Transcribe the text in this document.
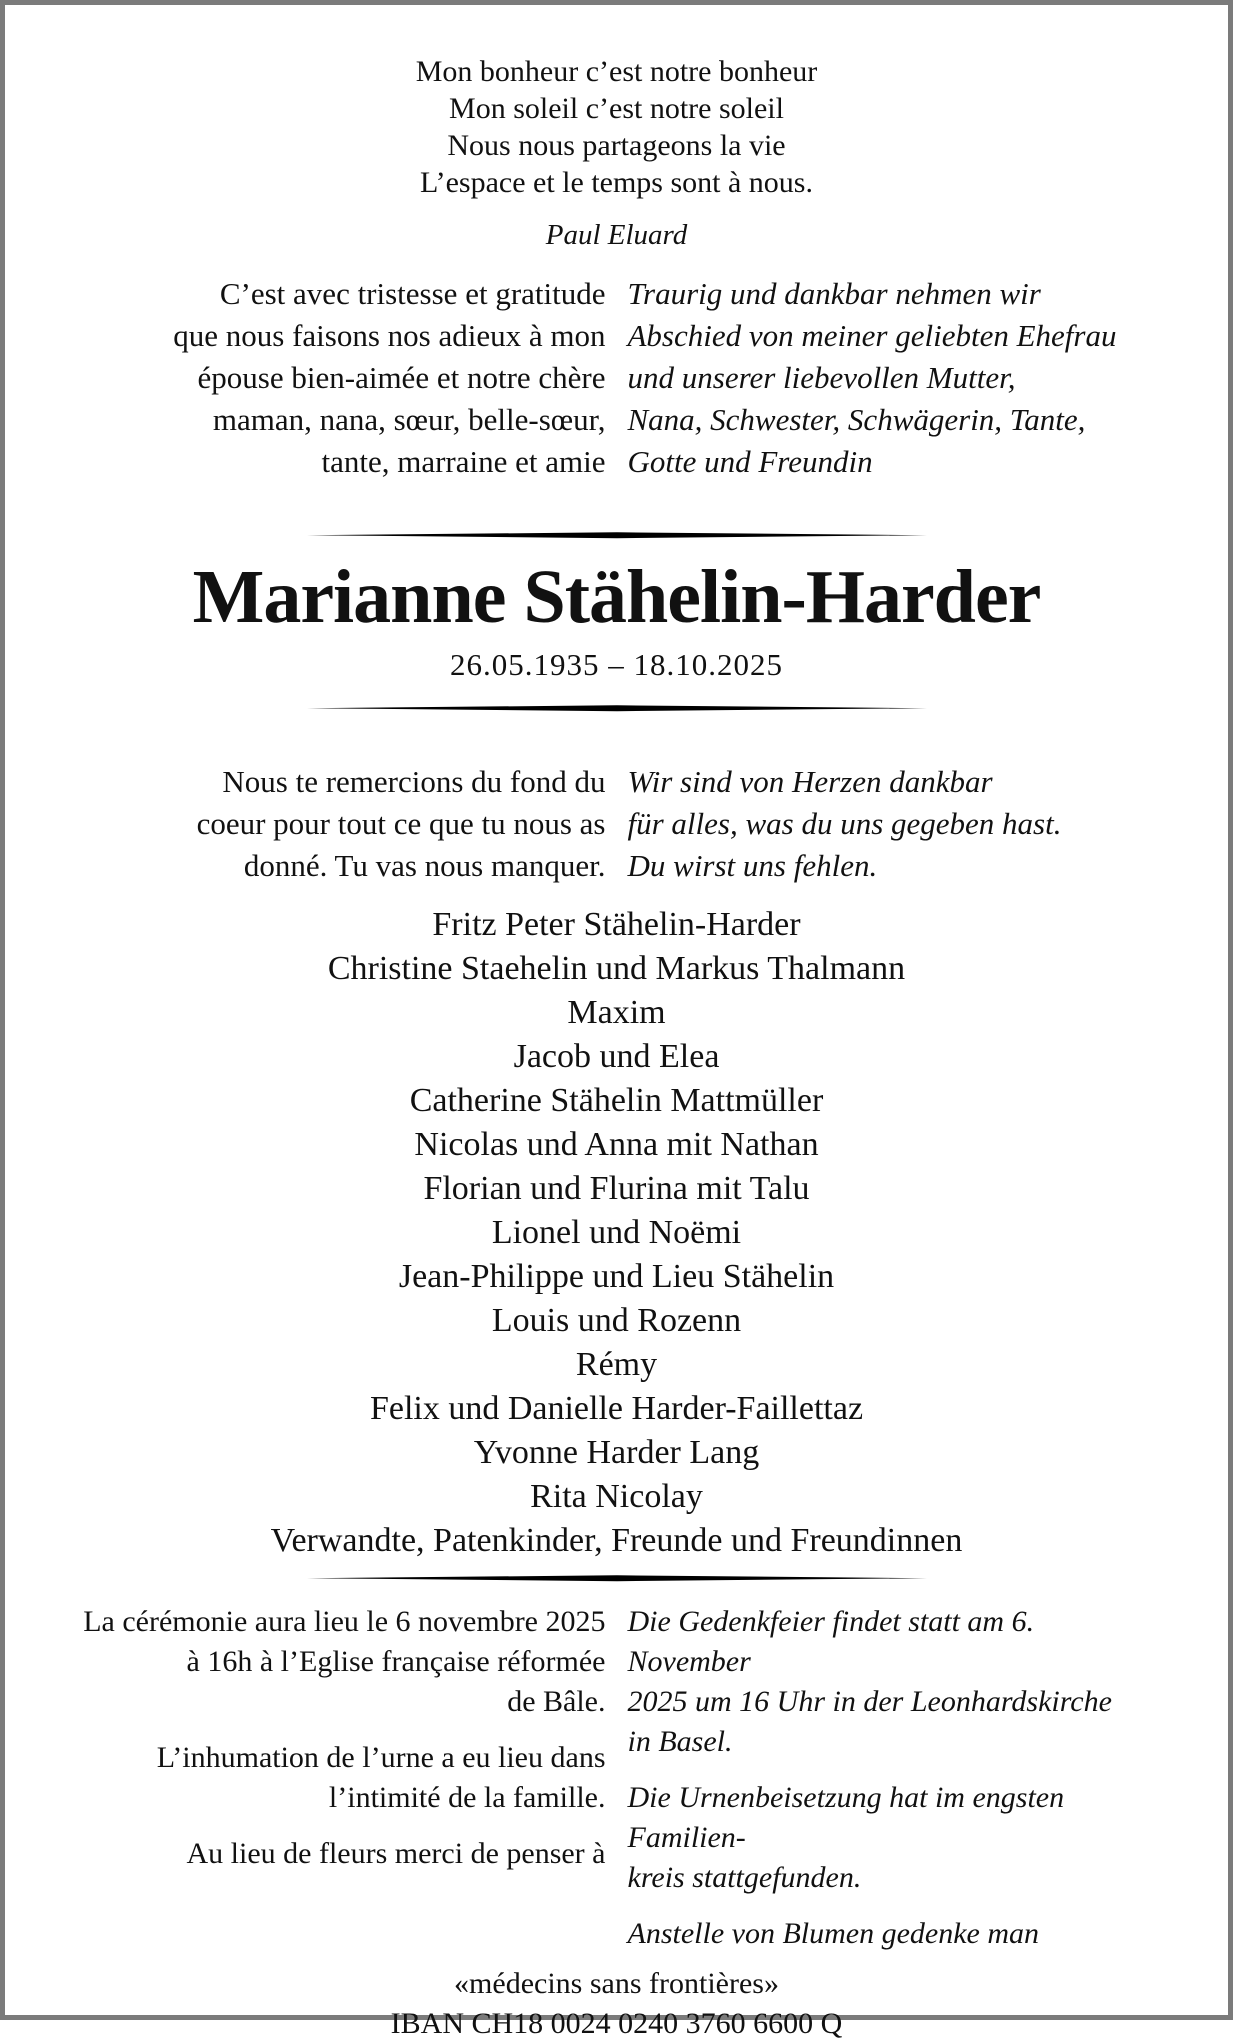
Mon bonheur c’est notre bonheur
Mon soleil c’est notre soleil
Nous nous partageons la vie
L’espace et le temps sont à nous.
Paul Eluard
C’est avec tristesse et gratitude
que nous faisons nos adieux à mon
épouse bien-aimée et notre chère
maman, nana, sœur, belle-sœur,
tante, marraine et amie
Traurig und dankbar nehmen wir
Abschied von meiner geliebten Ehefrau
und unserer liebevollen Mutter,
Nana, Schwester, Schwägerin, Tante,
Gotte und Freundin
Marianne Stähelin-Harder
26.05.1935 – 18.10.2025
Nous te remercions du fond du
coeur pour tout ce que tu nous as
donné. Tu vas nous manquer.
Wir sind von Herzen dankbar
für alles, was du uns gegeben hast.
Du wirst uns fehlen.
Fritz Peter Stähelin-Harder
Christine Staehelin und Markus Thalmann
Maxim
Jacob und Elea
Catherine Stähelin Mattmüller
Nicolas und Anna mit Nathan
Florian und Flurina mit Talu
Lionel und Noëmi
Jean-Philippe und Lieu Stähelin
Louis und Rozenn
Rémy
Felix und Danielle Harder-Faillettaz
Yvonne Harder Lang
Rita Nicolay
Verwandte, Patenkinder, Freunde und Freundinnen
La cérémonie aura lieu le 6 novembre 2025
à 16h à l’Eglise française réformée
de Bâle.
L’inhumation de l’urne a eu lieu dans
l’intimité de la famille.
Au lieu de fleurs merci de penser à
Die Gedenkfeier findet statt am 6. November
2025 um 16 Uhr in der Leonhardskirche
in Basel.
Die Urnenbeisetzung hat im engsten Familien-
kreis stattgefunden.
Anstelle von Blumen gedenke man
«médecins sans frontières»
IBAN CH18 0024 0240 3760 6600 Q
